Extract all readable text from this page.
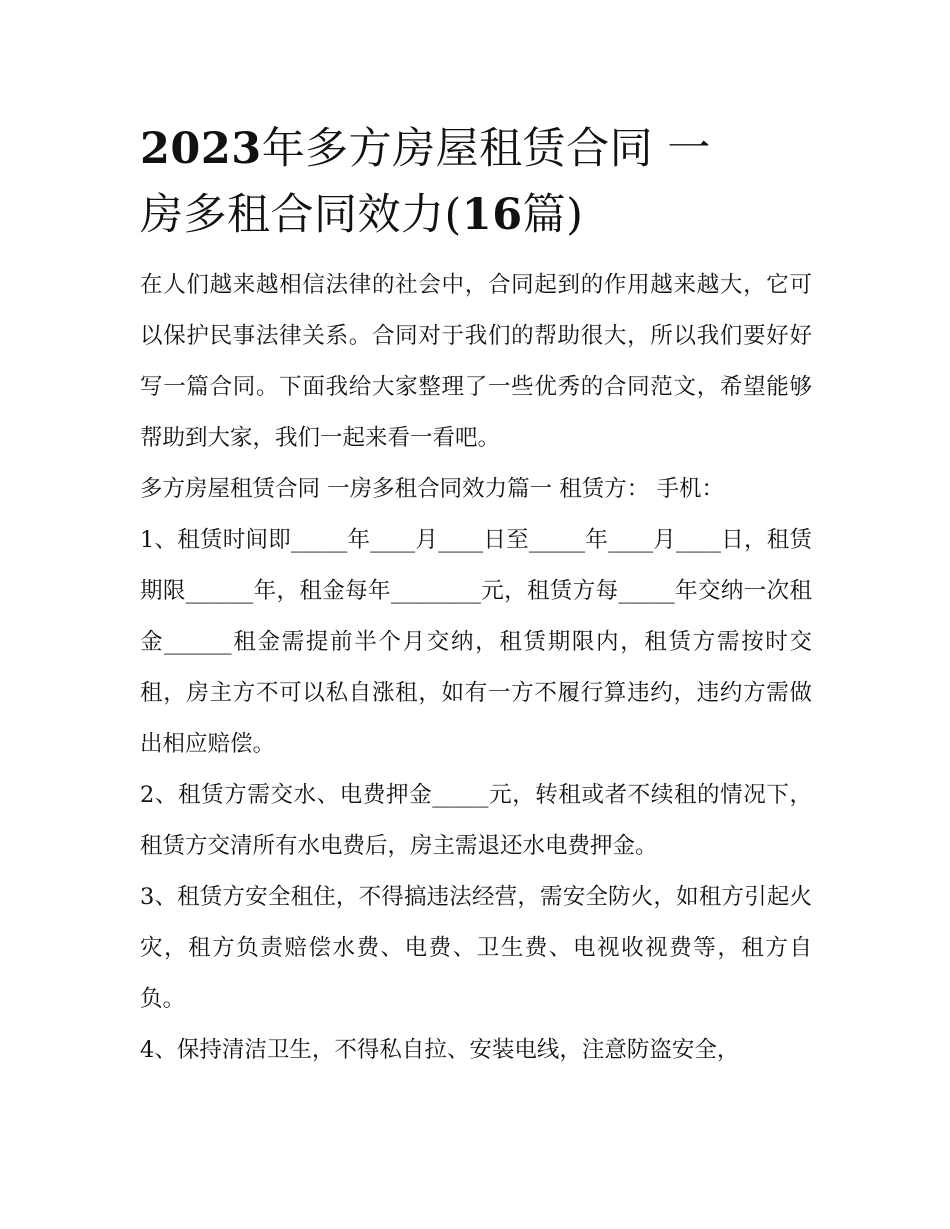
2023年多方房屋租赁合同 一
房多租合同效力(16篇)

在人们越来越相信法律的社会中，合同起到的作用越来越大，它可以保护民事法律关系。合同对于我们的帮助很大，所以我们要好好写一篇合同。下面我给大家整理了一些优秀的合同范文，希望能够帮助到大家，我们一起来看一看吧。

多方房屋租赁合同 一房多租合同效力篇一 租赁方： 手机：

1、租赁时间即_____年____月____日至_____年____月____日，租赁期限______年，租金每年________元，租赁方每_____年交纳一次租金______租金需提前半个月交纳，租赁期限内，租赁方需按时交租，房主方不可以私自涨租，如有一方不履行算违约，违约方需做出相应赔偿。

2、租赁方需交水、电费押金_____元，转租或者不续租的情况下，租赁方交清所有水电费后，房主需退还水电费押金。

3、租赁方安全租住，不得搞违法经营，需安全防火，如租方引起火灾，租方负责赔偿水费、电费、卫生费、电视收视费等，租方自负。

4、保持清洁卫生，不得私自拉、安装电线，注意防盗安全，
